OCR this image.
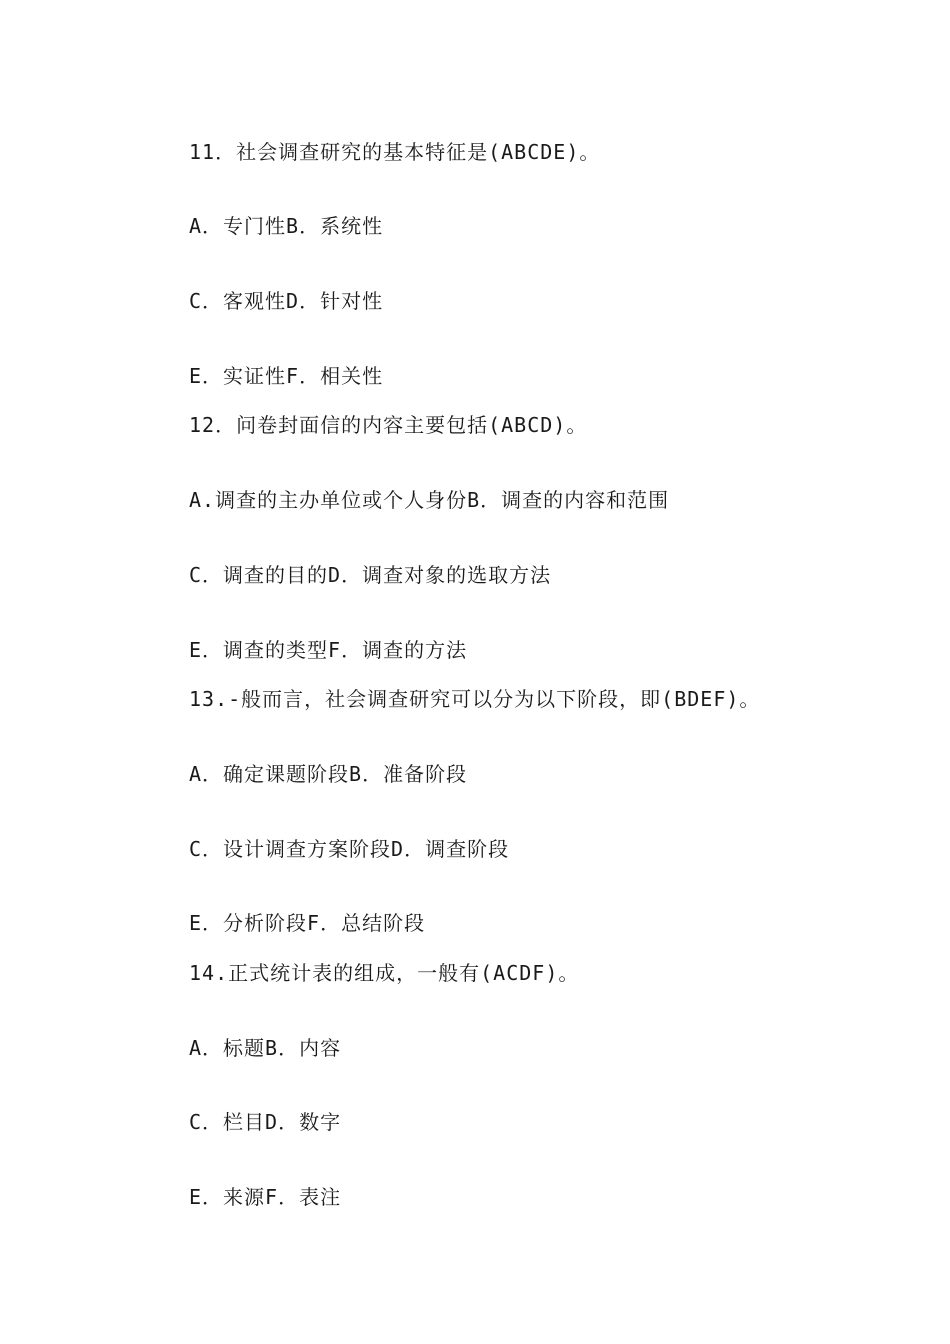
11．社会调查研究的基本特征是(ABCDE)。
A．专门性B．系统性
C．客观性D．针对性
E．实证性F．相关性
12．问卷封面信的内容主要包括(ABCD)。
A.调查的主办单位或个人身份B．调查的内容和范围
C．调查的目的D．调查对象的选取方法
E．调查的类型F．调查的方法
13.-般而言，社会调查研究可以分为以下阶段，即(BDEF)。
A．确定课题阶段B．准备阶段
C．设计调查方案阶段D．调查阶段
E．分析阶段F．总结阶段
14.正式统计表的组成，一般有(ACDF)。
A．标题B．内容
C．栏目D．数字
E．来源F．表注
